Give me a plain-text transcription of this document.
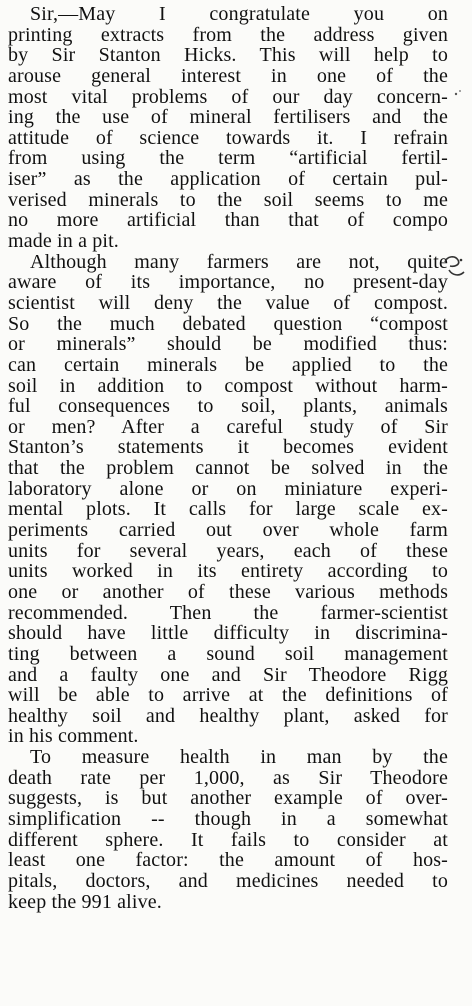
Sir,—May I congratulate you on
printing extracts from the address given
by Sir Stanton Hicks. This will help to
arouse general interest in one of the
most vital problems of our day concern-
ing the use of mineral fertilisers and the
attitude of science towards it. I refrain
from using the term “artificial fertil-
iser” as the application of certain pul-
verised minerals to the soil seems to me
no more artificial than that of compo
made in a pit.
Although many farmers are not, quite
aware of its importance, no present-day
scientist will deny the value of compost.
So the much debated question “compost
or minerals” should be modified thus:
can certain minerals be applied to the
soil in addition to compost without harm-
ful consequences to soil, plants, animals
or men? After a careful study of Sir
Stanton’s statements it becomes evident
that the problem cannot be solved in the
laboratory alone or on miniature experi-
mental plots. It calls for large scale ex-
periments carried out over whole farm
units for several years, each of these
units worked in its entirety according to
one or another of these various methods
recommended. Then the farmer-scientist
should have little difficulty in discrimina-
ting between a sound soil management
and a faulty one and Sir Theodore Rigg
will be able to arrive at the definitions of
healthy soil and healthy plant, asked for
in his comment.
To measure health in man by the
death rate per 1,000, as Sir Theodore
suggests, is but another example of over-
simplification -- though in a somewhat
different sphere. It fails to consider at
least one factor: the amount of hos-
pitals, doctors, and medicines needed to
keep the 991 alive.
